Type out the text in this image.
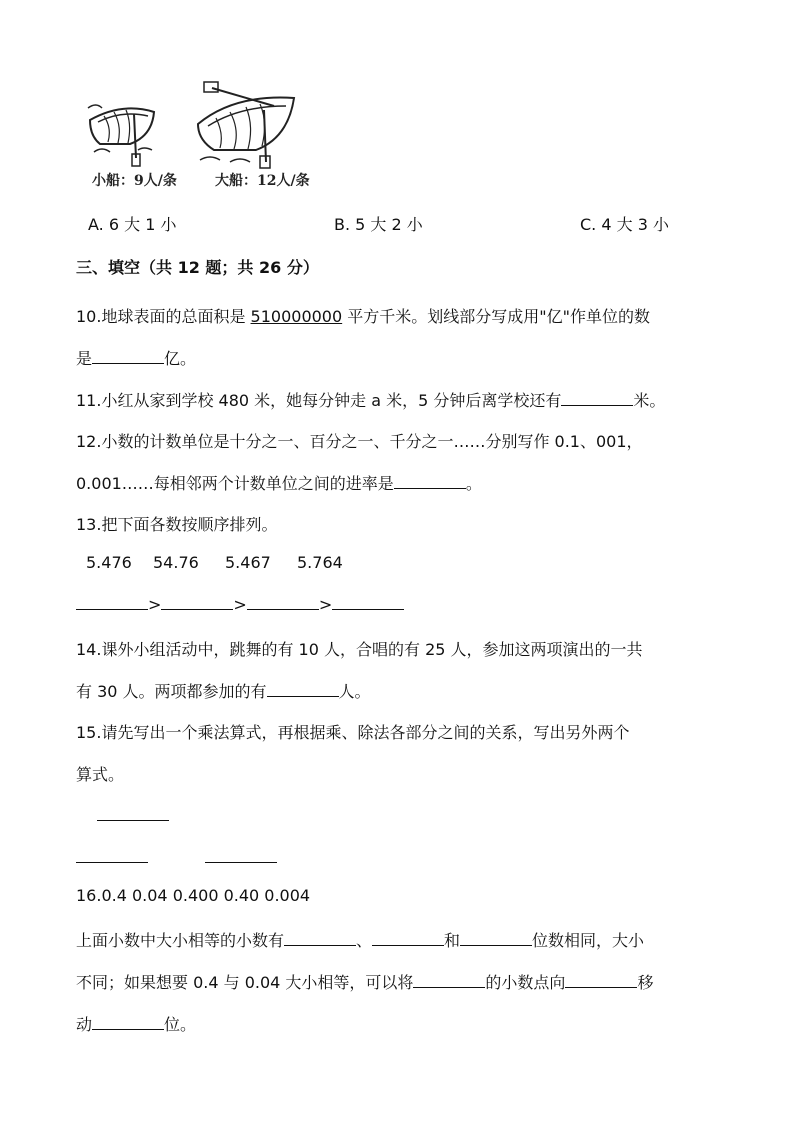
小船：9人/条	大船：12人/条
A. 6 大 1 小	B. 5 大 2 小	C. 4 大 3 小
三、填空（共 12 题；共 26 分）
10.地球表面的总面积是 510000000 平方千米。划线部分写成用"亿"作单位的数
是	亿。
11.小红从家到学校 480 米，她每分钟走 a 米，5 分钟后离学校还有	米。
12.小数的计数单位是十分之一、百分之一、千分之一……分别写作 0.1、001，
0.001……每相邻两个计数单位之间的进率是	。
13.把下面各数按顺序排列。
5.476 54.76 5.467 5.764
>	>	>
14.课外小组活动中，跳舞的有 10 人，合唱的有 25 人，参加这两项演出的一共
有 30 人。两项都参加的有	人。
15.请先写出一个乘法算式，再根据乘、除法各部分之间的关系，写出另外两个
算式。
16.0.4 0.04 0.400 0.40 0.004
上面小数中大小相等的小数有	、	和	位数相同，大小
不同；如果想要 0.4 与 0.04 大小相等，可以将	的小数点向	移
动	位。
